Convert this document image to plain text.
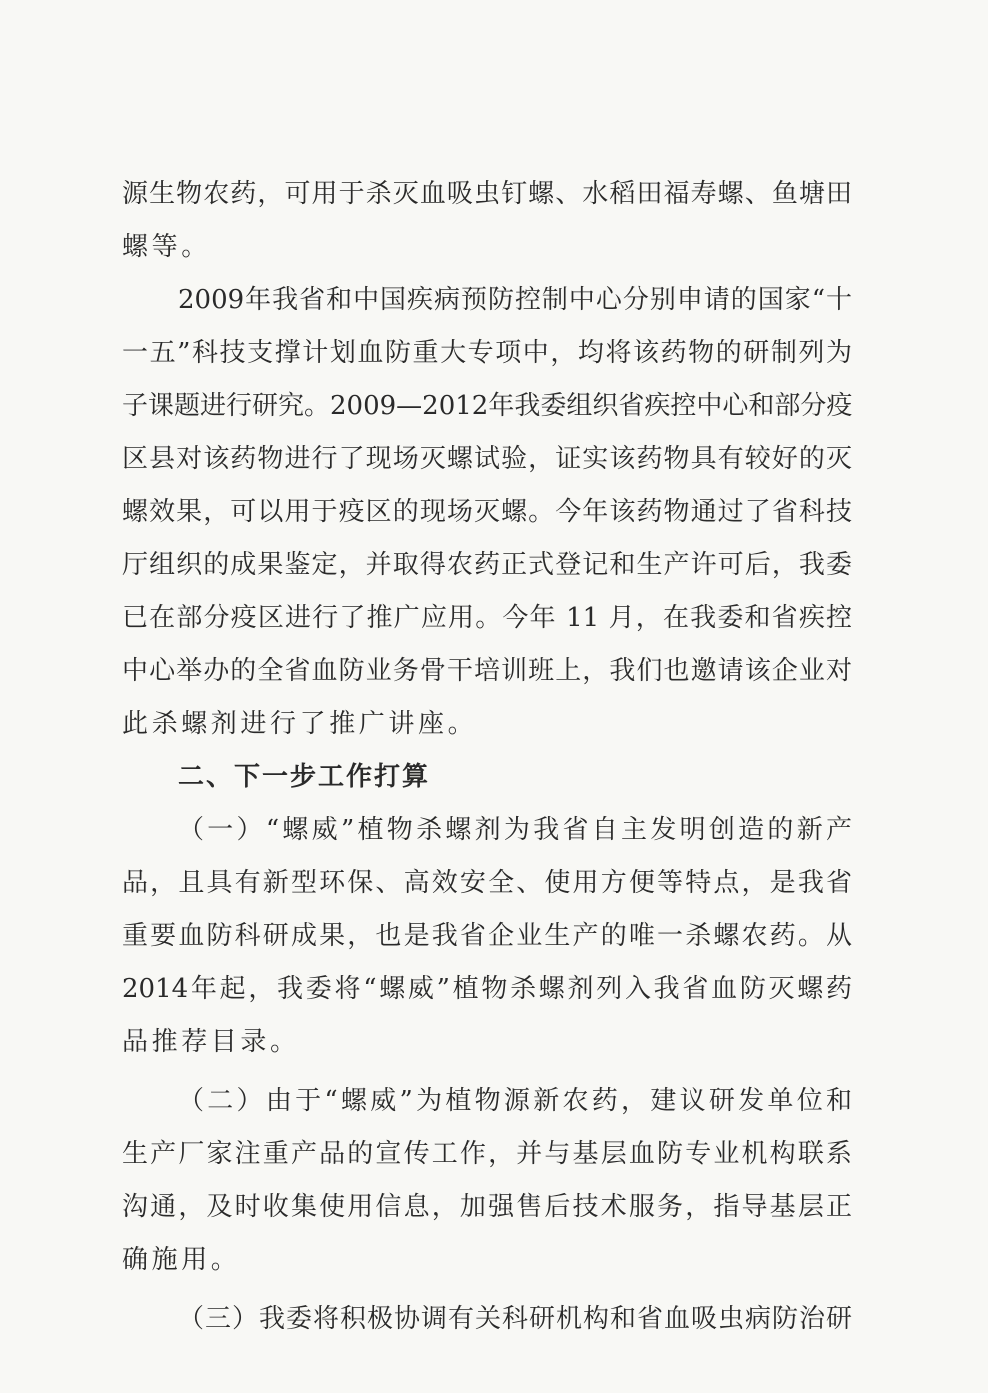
源生物农药，可用于杀灭血吸虫钉螺、水稻田福寿螺、鱼塘田
螺等。
2009年我省和中国疾病预防控制中心分别申请的国家“十
一五”科技支撑计划血防重大专项中，均将该药物的研制列为
子课题进行研究。2009—2012年我委组织省疾控中心和部分疫
区县对该药物进行了现场灭螺试验，证实该药物具有较好的灭
螺效果，可以用于疫区的现场灭螺。今年该药物通过了省科技
厅组织的成果鉴定，并取得农药正式登记和生产许可后，我委
已在部分疫区进行了推广应用。今年 11 月，在我委和省疾控
中心举办的全省血防业务骨干培训班上，我们也邀请该企业对
此杀螺剂进行了推广讲座。
二、下一步工作打算
（一）“螺威”植物杀螺剂为我省自主发明创造的新产
品，且具有新型环保、高效安全、使用方便等特点，是我省
重要血防科研成果，也是我省企业生产的唯一杀螺农药。从
2014年起，我委将“螺威”植物杀螺剂列入我省血防灭螺药
品推荐目录。
（二）由于“螺威”为植物源新农药，建议研发单位和
生产厂家注重产品的宣传工作，并与基层血防专业机构联系
沟通，及时收集使用信息，加强售后技术服务，指导基层正
确施用。
（三）我委将积极协调有关科研机构和省血吸虫病防治研
